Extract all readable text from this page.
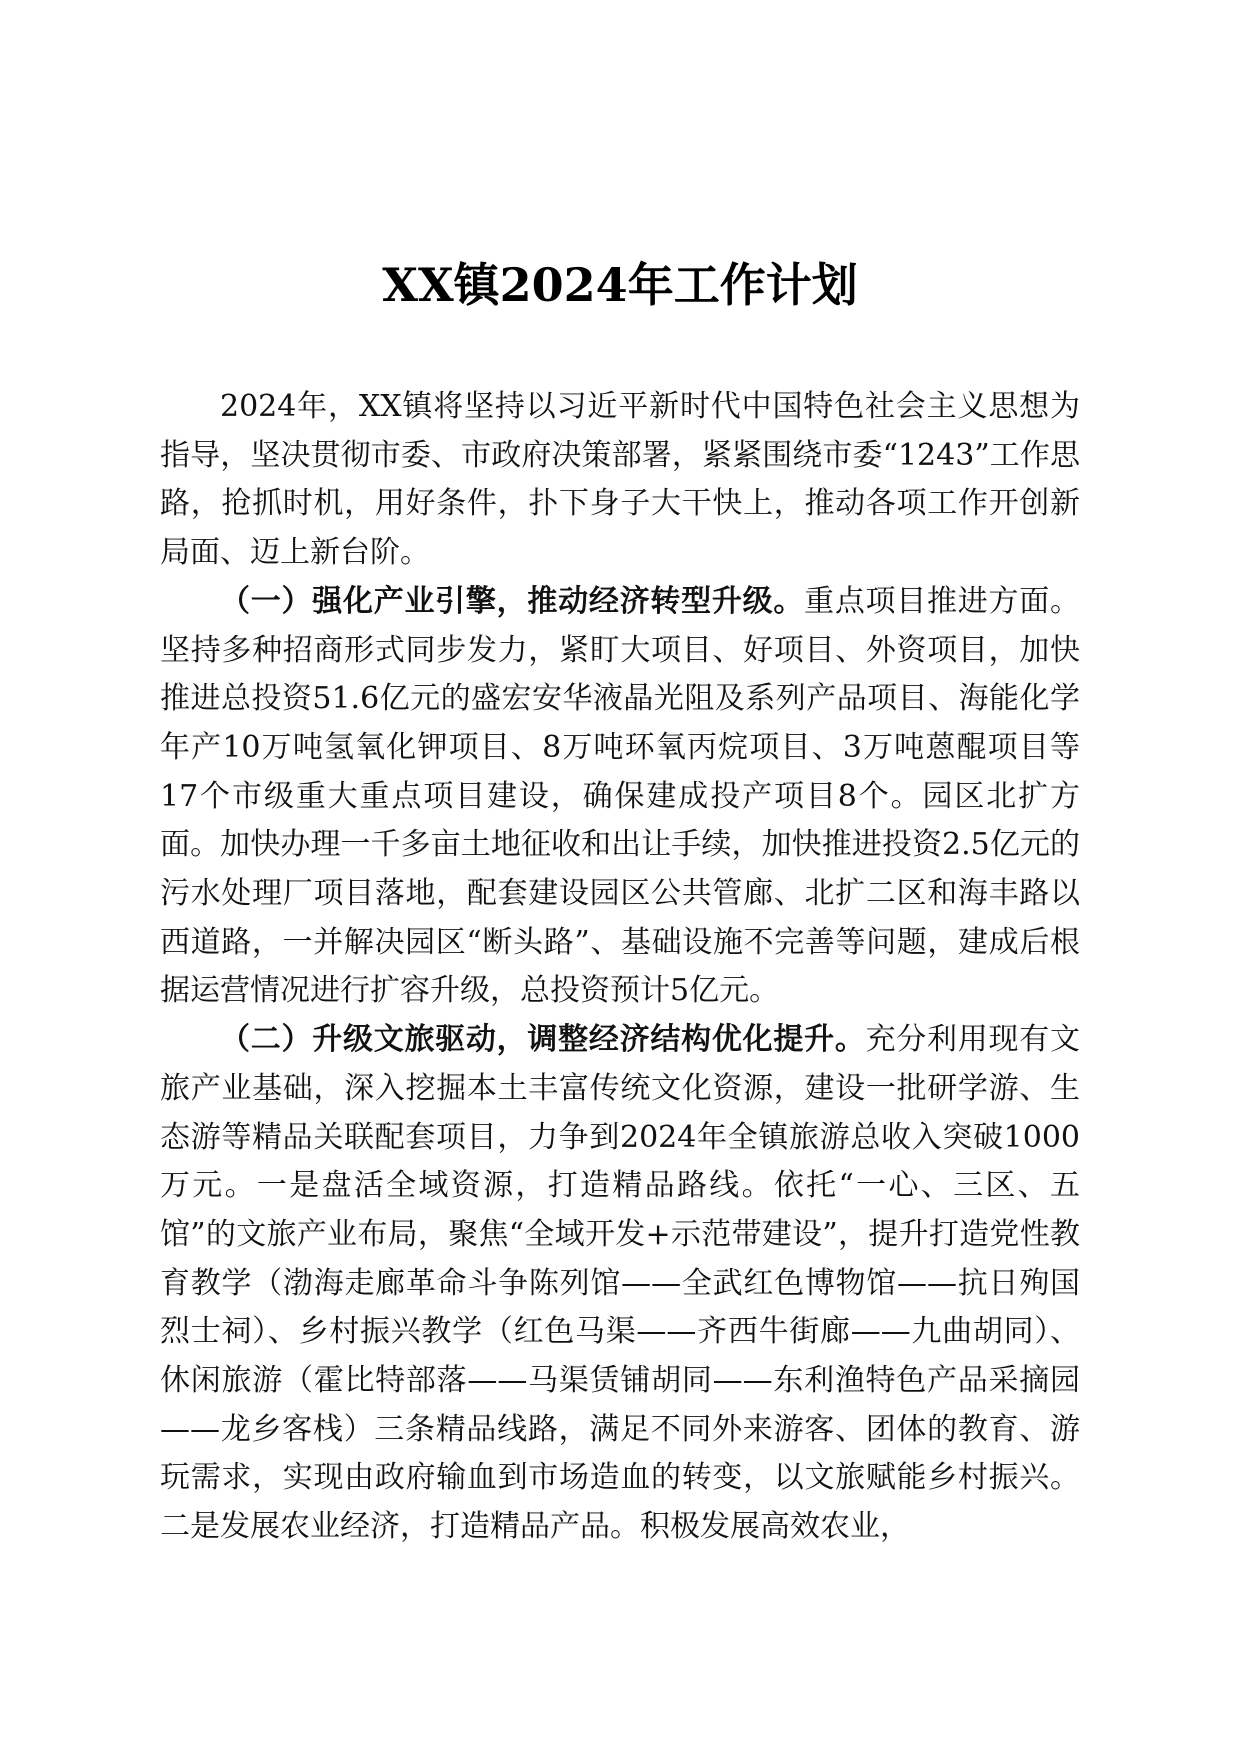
XX镇2024年工作计划

2024年，XX镇将坚持以习近平新时代中国特色社会主义思想为指导，坚决贯彻市委、市政府决策部署，紧紧围绕市委“1243”工作思路，抢抓时机，用好条件，扑下身子大干快上，推动各项工作开创新局面、迈上新台阶。

（一）强化产业引擎，推动经济转型升级。重点项目推进方面。坚持多种招商形式同步发力，紧盯大项目、好项目、外资项目，加快推进总投资51.6亿元的盛宏安华液晶光阻及系列产品项目、海能化学年产10万吨氢氧化钾项目、8万吨环氧丙烷项目、3万吨蒽醌项目等17个市级重大重点项目建设，确保建成投产项目8个。园区北扩方面。加快办理一千多亩土地征收和出让手续，加快推进投资2.5亿元的污水处理厂项目落地，配套建设园区公共管廊、北扩二区和海丰路以西道路，一并解决园区“断头路”、基础设施不完善等问题，建成后根据运营情况进行扩容升级，总投资预计5亿元。

（二）升级文旅驱动，调整经济结构优化提升。充分利用现有文旅产业基础，深入挖掘本土丰富传统文化资源，建设一批研学游、生态游等精品关联配套项目，力争到2024年全镇旅游总收入突破1000万元。一是盘活全域资源，打造精品路线。依托“一心、三区、五馆”的文旅产业布局，聚焦“全域开发+示范带建设”，提升打造党性教育教学（渤海走廊革命斗争陈列馆——全武红色博物馆——抗日殉国烈士祠）、乡村振兴教学（红色马渠——齐西牛街廊——九曲胡同）、休闲旅游（霍比特部落——马渠赁铺胡同——东利渔特色产品采摘园——龙乡客栈）三条精品线路，满足不同外来游客、团体的教育、游玩需求，实现由政府输血到市场造血的转变，以文旅赋能乡村振兴。二是发展农业经济，打造精品产品。积极发展高效农业，
